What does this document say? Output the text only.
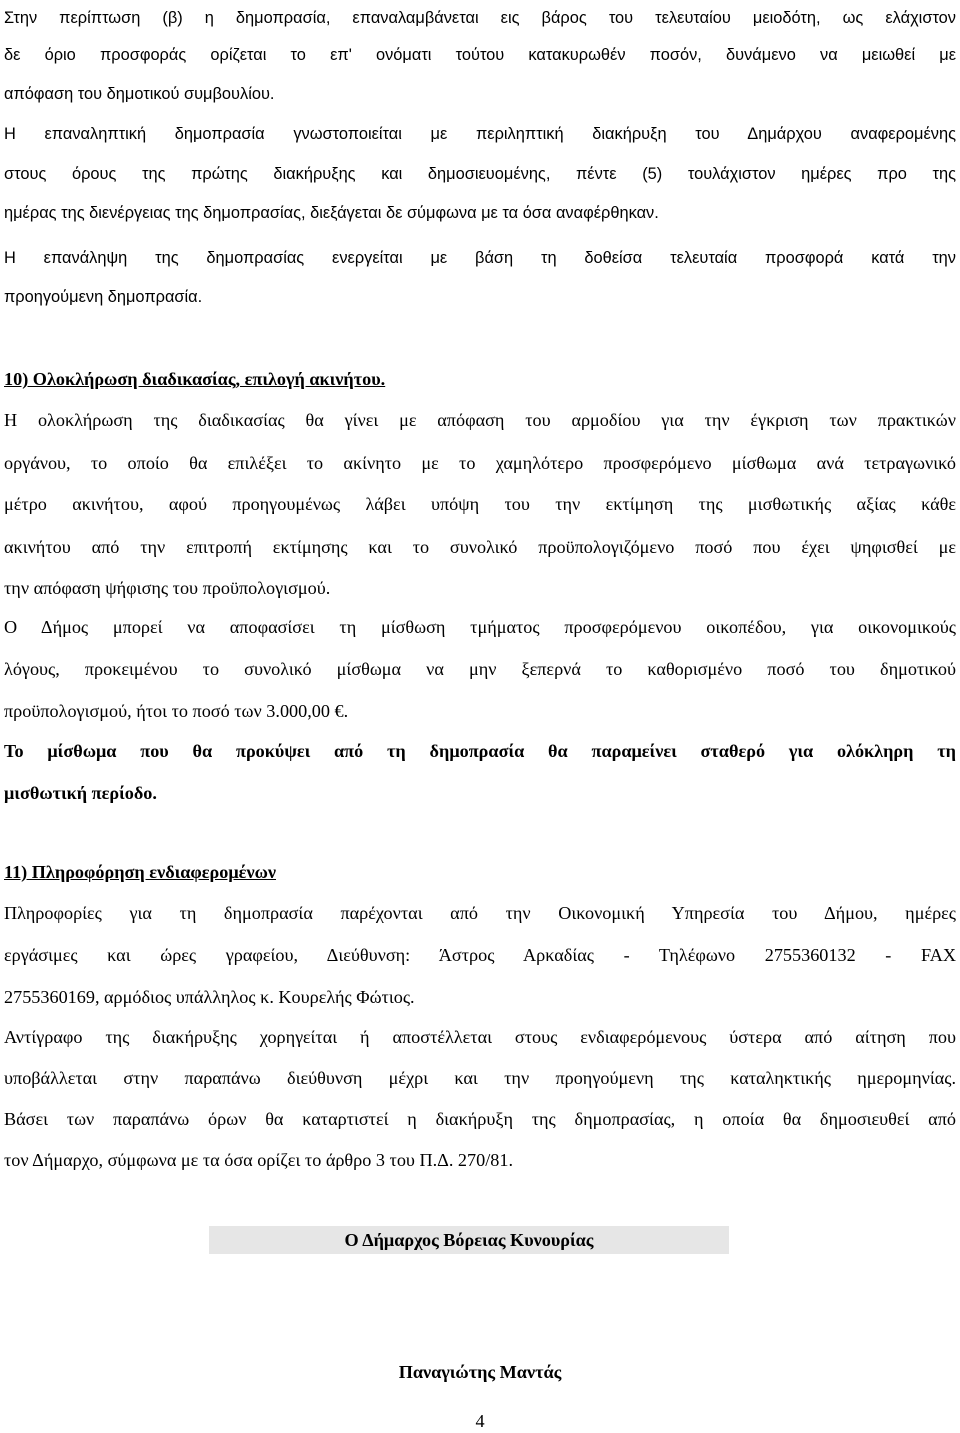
Στην περίπτωση (β) η δημοπρασία, επαναλαμβάνεται εις βάρος του τελευταίου μειοδότη, ως ελάχιστον
δε όριο προσφοράς ορίζεται το επ' ονόματι τούτου κατακυρωθέν ποσόν, δυνάμενο να μειωθεί με
απόφαση του δημοτικού συμβουλίου.
Η επαναληπτική δημοπρασία γνωστοποιείται με περιληπτική διακήρυξη του Δημάρχου αναφερομένης
στους όρους της πρώτης διακήρυξης και δημοσιευομένης, πέντε (5) τουλάχιστον ημέρες προ της
ημέρας της διενέργειας της δημοπρασίας, διεξάγεται δε σύμφωνα με τα όσα αναφέρθηκαν.
Η επανάληψη της δημοπρασίας ενεργείται με βάση τη δοθείσα τελευταία προσφορά κατά την
προηγούμενη δημοπρασία.
10) Ολοκλήρωση διαδικασίας, επιλογή ακινήτου.
Η ολοκλήρωση της διαδικασίας θα γίνει με απόφαση του αρμοδίου για την έγκριση των πρακτικών
οργάνου, το οποίο θα επιλέξει το ακίνητο με το χαμηλότερο προσφερόμενο μίσθωμα ανά τετραγωνικό
μέτρο ακινήτου, αφού προηγουμένως λάβει υπόψη του την εκτίμηση της μισθωτικής αξίας κάθε
ακινήτου από την επιτροπή εκτίμησης και το συνολικό προϋπολογιζόμενο ποσό που έχει ψηφισθεί με
την απόφαση ψήφισης του προϋπολογισμού.
Ο Δήμος μπορεί να αποφασίσει τη μίσθωση τμήματος προσφερόμενου οικοπέδου, για οικονομικούς
λόγους, προκειμένου το συνολικό μίσθωμα να μην ξεπερνά το καθορισμένο ποσό του δημοτικού
προϋπολογισμού, ήτοι το ποσό των 3.000,00 €.
Το μίσθωμα που θα προκύψει από τη δημοπρασία θα παραμείνει σταθερό για ολόκληρη τη
μισθωτική περίοδο.
11) Πληροφόρηση ενδιαφερομένων
Πληροφορίες για τη δημοπρασία παρέχονται από την Οικονομική Υπηρεσία του Δήμου, ημέρες
εργάσιμες και ώρες γραφείου, Διεύθυνση: Άστρος Αρκαδίας - Τηλέφωνο 2755360132 - FAX
2755360169, αρμόδιος υπάλληλος κ. Κουρελής Φώτιος.
Αντίγραφο της διακήρυξης χορηγείται ή αποστέλλεται στους ενδιαφερόμενους ύστερα από αίτηση που
υποβάλλεται στην παραπάνω διεύθυνση μέχρι και την προηγούμενη της καταληκτικής ημερομηνίας.
Βάσει των παραπάνω όρων θα καταρτιστεί η διακήρυξη της δημοπρασίας, η οποία θα δημοσιευθεί από
τον Δήμαρχο, σύμφωνα με τα όσα ορίζει το άρθρο 3 του Π.Δ. 270/81.
Ο Δήμαρχος Βόρειας Κυνουρίας
Παναγιώτης Μαντάς
4
